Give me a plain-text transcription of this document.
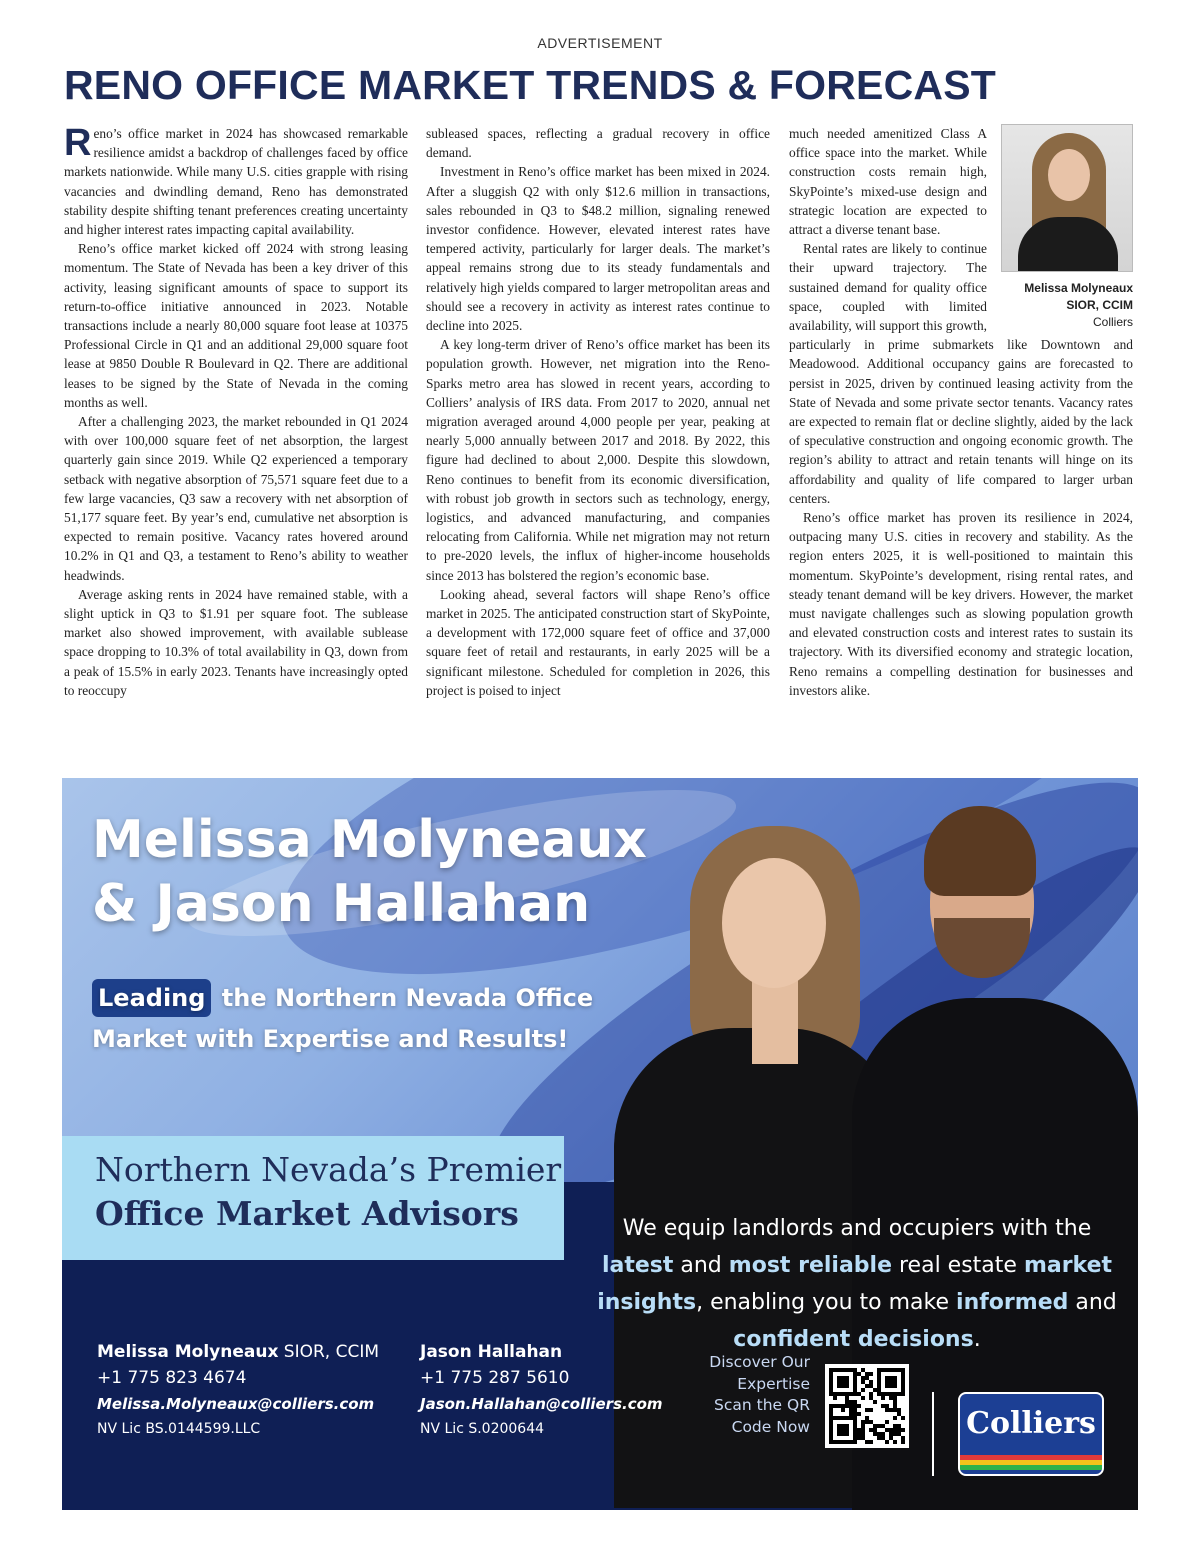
ADVERTISEMENT
RENO OFFICE MARKET TRENDS & FORECAST

Reno’s office market in 2024 has showcased remarkable resilience amidst a backdrop of challenges faced by office markets nationwide. While many U.S. cities grapple with rising vacancies and dwindling demand, Reno has demonstrated stability despite shifting tenant preferences creating uncertainty and higher interest rates impacting capital availability.

Reno’s office market kicked off 2024 with strong leasing momentum. The State of Nevada has been a key driver of this activity, leasing significant amounts of space to support its return-to-office initiative announced in 2023. Notable transactions include a nearly 80,000 square foot lease at 10375 Professional Circle in Q1 and an additional 29,000 square foot lease at 9850 Double R Boulevard in Q2. There are additional leases to be signed by the State of Nevada in the coming months as well.

After a challenging 2023, the market rebounded in Q1 2024 with over 100,000 square feet of net absorption, the largest quarterly gain since 2019. While Q2 experienced a temporary setback with negative absorption of 75,571 square feet due to a few large vacancies, Q3 saw a recovery with net absorption of 51,177 square feet. By year’s end, cumulative net absorption is expected to remain positive. Vacancy rates hovered around 10.2% in Q1 and Q3, a testament to Reno’s ability to weather headwinds.

Average asking rents in 2024 have remained stable, with a slight uptick in Q3 to $1.91 per square foot. The sublease market also showed improvement, with available sublease space dropping to 10.3% of total availability in Q3, down from a peak of 15.5% in early 2023. Tenants have increasingly opted to reoccupy

subleased spaces, reflecting a gradual recovery in office demand.

Investment in Reno’s office market has been mixed in 2024. After a sluggish Q2 with only $12.6 million in transactions, sales rebounded in Q3 to $48.2 million, signaling renewed investor confidence. However, elevated interest rates have tempered activity, particularly for larger deals. The market’s appeal remains strong due to its steady fundamentals and relatively high yields compared to larger metropolitan areas and should see a recovery in activity as interest rates continue to decline into 2025.

A key long-term driver of Reno’s office market has been its population growth. However, net migration into the Reno-Sparks metro area has slowed in recent years, according to Colliers’ analysis of IRS data. From 2017 to 2020, annual net migration averaged around 4,000 people per year, peaking at nearly 5,000 annually between 2017 and 2018. By 2022, this figure had declined to about 2,000. Despite this slowdown, Reno continues to benefit from its economic diversification, with robust job growth in sectors such as technology, energy, logistics, and advanced manufacturing, and companies relocating from California. While net migration may not return to pre-2020 levels, the influx of higher-income households since 2013 has bolstered the region’s economic base.

Looking ahead, several factors will shape Reno’s office market in 2025. The anticipated construction start of SkyPointe, a development with 172,000 square feet of office and 37,000 square feet of retail and restaurants, in early 2025 will be a significant milestone. Scheduled for completion in 2026, this project is poised to inject

Melissa Molyneaux
SIOR, CCIM
Colliers

much needed amenitized Class A office space into the market. While construction costs remain high, SkyPointe’s mixed-use design and strategic location are expected to attract a diverse tenant base.

Rental rates are likely to continue their upward trajectory. The sustained demand for quality office space, coupled with limited availability, will support this growth, particularly in prime submarkets like Downtown and Meadowood. Additional occupancy gains are forecasted to persist in 2025, driven by continued leasing activity from the State of Nevada and some private sector tenants. Vacancy rates are expected to remain flat or decline slightly, aided by the lack of speculative construction and ongoing economic growth. The region’s ability to attract and retain tenants will hinge on its affordability and quality of life compared to larger urban centers.

Reno’s office market has proven its resilience in 2024, outpacing many U.S. cities in recovery and stability. As the region enters 2025, it is well-positioned to maintain this momentum. SkyPointe’s development, rising rental rates, and steady tenant demand will be key drivers. However, the market must navigate challenges such as slowing population growth and elevated construction costs and interest rates to sustain its trajectory. With its diversified economy and strategic location, Reno remains a compelling destination for businesses and investors alike.

Melissa Molyneaux
& Jason Hallahan
Leading the Northern Nevada Office
Market with Expertise and Results!
Northern Nevada’s Premier
Office Market Advisors	We equip landlords and occupiers with the latest and most reliable real estate market insights, enabling you to make informed and confident decisions.
Melissa Molyneaux SIOR, CCIM
+1 775 823 4674
Melissa.Molyneaux@colliers.com
NV Lic BS.0144599.LLC
Jason Hallahan
+1 775 287 5610
Jason.Hallahan@colliers.com
NV Lic S.0200644
Discover Our
Expertise
Scan the QR
Code Now	Colliers
